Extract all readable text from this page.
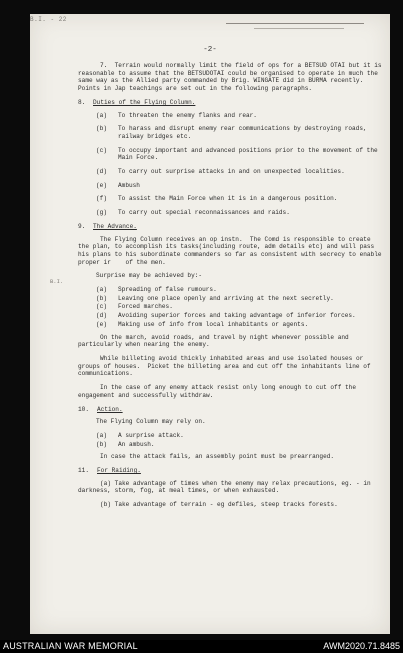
B.I. - 22
-2-
B.I.

7.  Terrain would normally limit the field of ops for a BETSUD OTAI but it is reasonable to assume that the BETSUDOTAI could be organised to operate in much the same way as the Allied party commanded by Brig. WINGATE did in BURMA recently.  Points in Jap teachings are set out in the following paragraphs.

8.	Duties of the Flying Column.
(a)	To threaten the enemy flanks and rear.
(b)	To harass and disrupt enemy rear communications by destroying roads, railway bridges etc.
(c)	To occupy important and advanced positions prior to the movement of the Main Force.
(d)	To carry out surprise attacks in and on unexpected localities.
(e)	Ambush
(f)	To assist the Main Force when it is in a dangerous position.
(g)	To carry out special reconnaissances and raids.
9.	The Advance.

The Flying Column receives an op instn.  The Comd is responsible to create the plan, to accomplish its tasks(including route, adm details etc) and will pass his plans to his subordinate commanders so far as consistent with secrecy to enable proper ir    of the men.

Surprise may be achieved by:-

(a)	Spreading of false rumours.
(b)	Leaving one place openly and arriving at the next secretly.
(c)	Forced marches.
(d)	Avoiding superior forces and taking advantage of inferior forces.
(e)	Making use of info from local inhabitants or agents.

On the march, avoid roads, and travel by night whenever possible and particularly when nearing the enemy.

While billeting avoid thickly inhabited areas and use isolated houses or groups of houses.  Picket the billeting area and cut off the inhabitants line of communications.

In the case of any enemy attack resist only long enough to cut off the engagement and successfully withdraw.

10.	Action.

The Flying Column may rely on.

(a)	A surprise attack.
(b)	An ambush.

In case the attack fails, an assembly point must be prearranged.

11.	For Raiding.

(a) Take advantage of times when the enemy may relax precautions, eg. - in darkness, storm, fog, at meal times, or when exhausted.

(b) Take advantage of terrain - eg defiles, steep tracks forests.

AUSTRALIAN WAR MEMORIAL	AWM2020.71.8485
